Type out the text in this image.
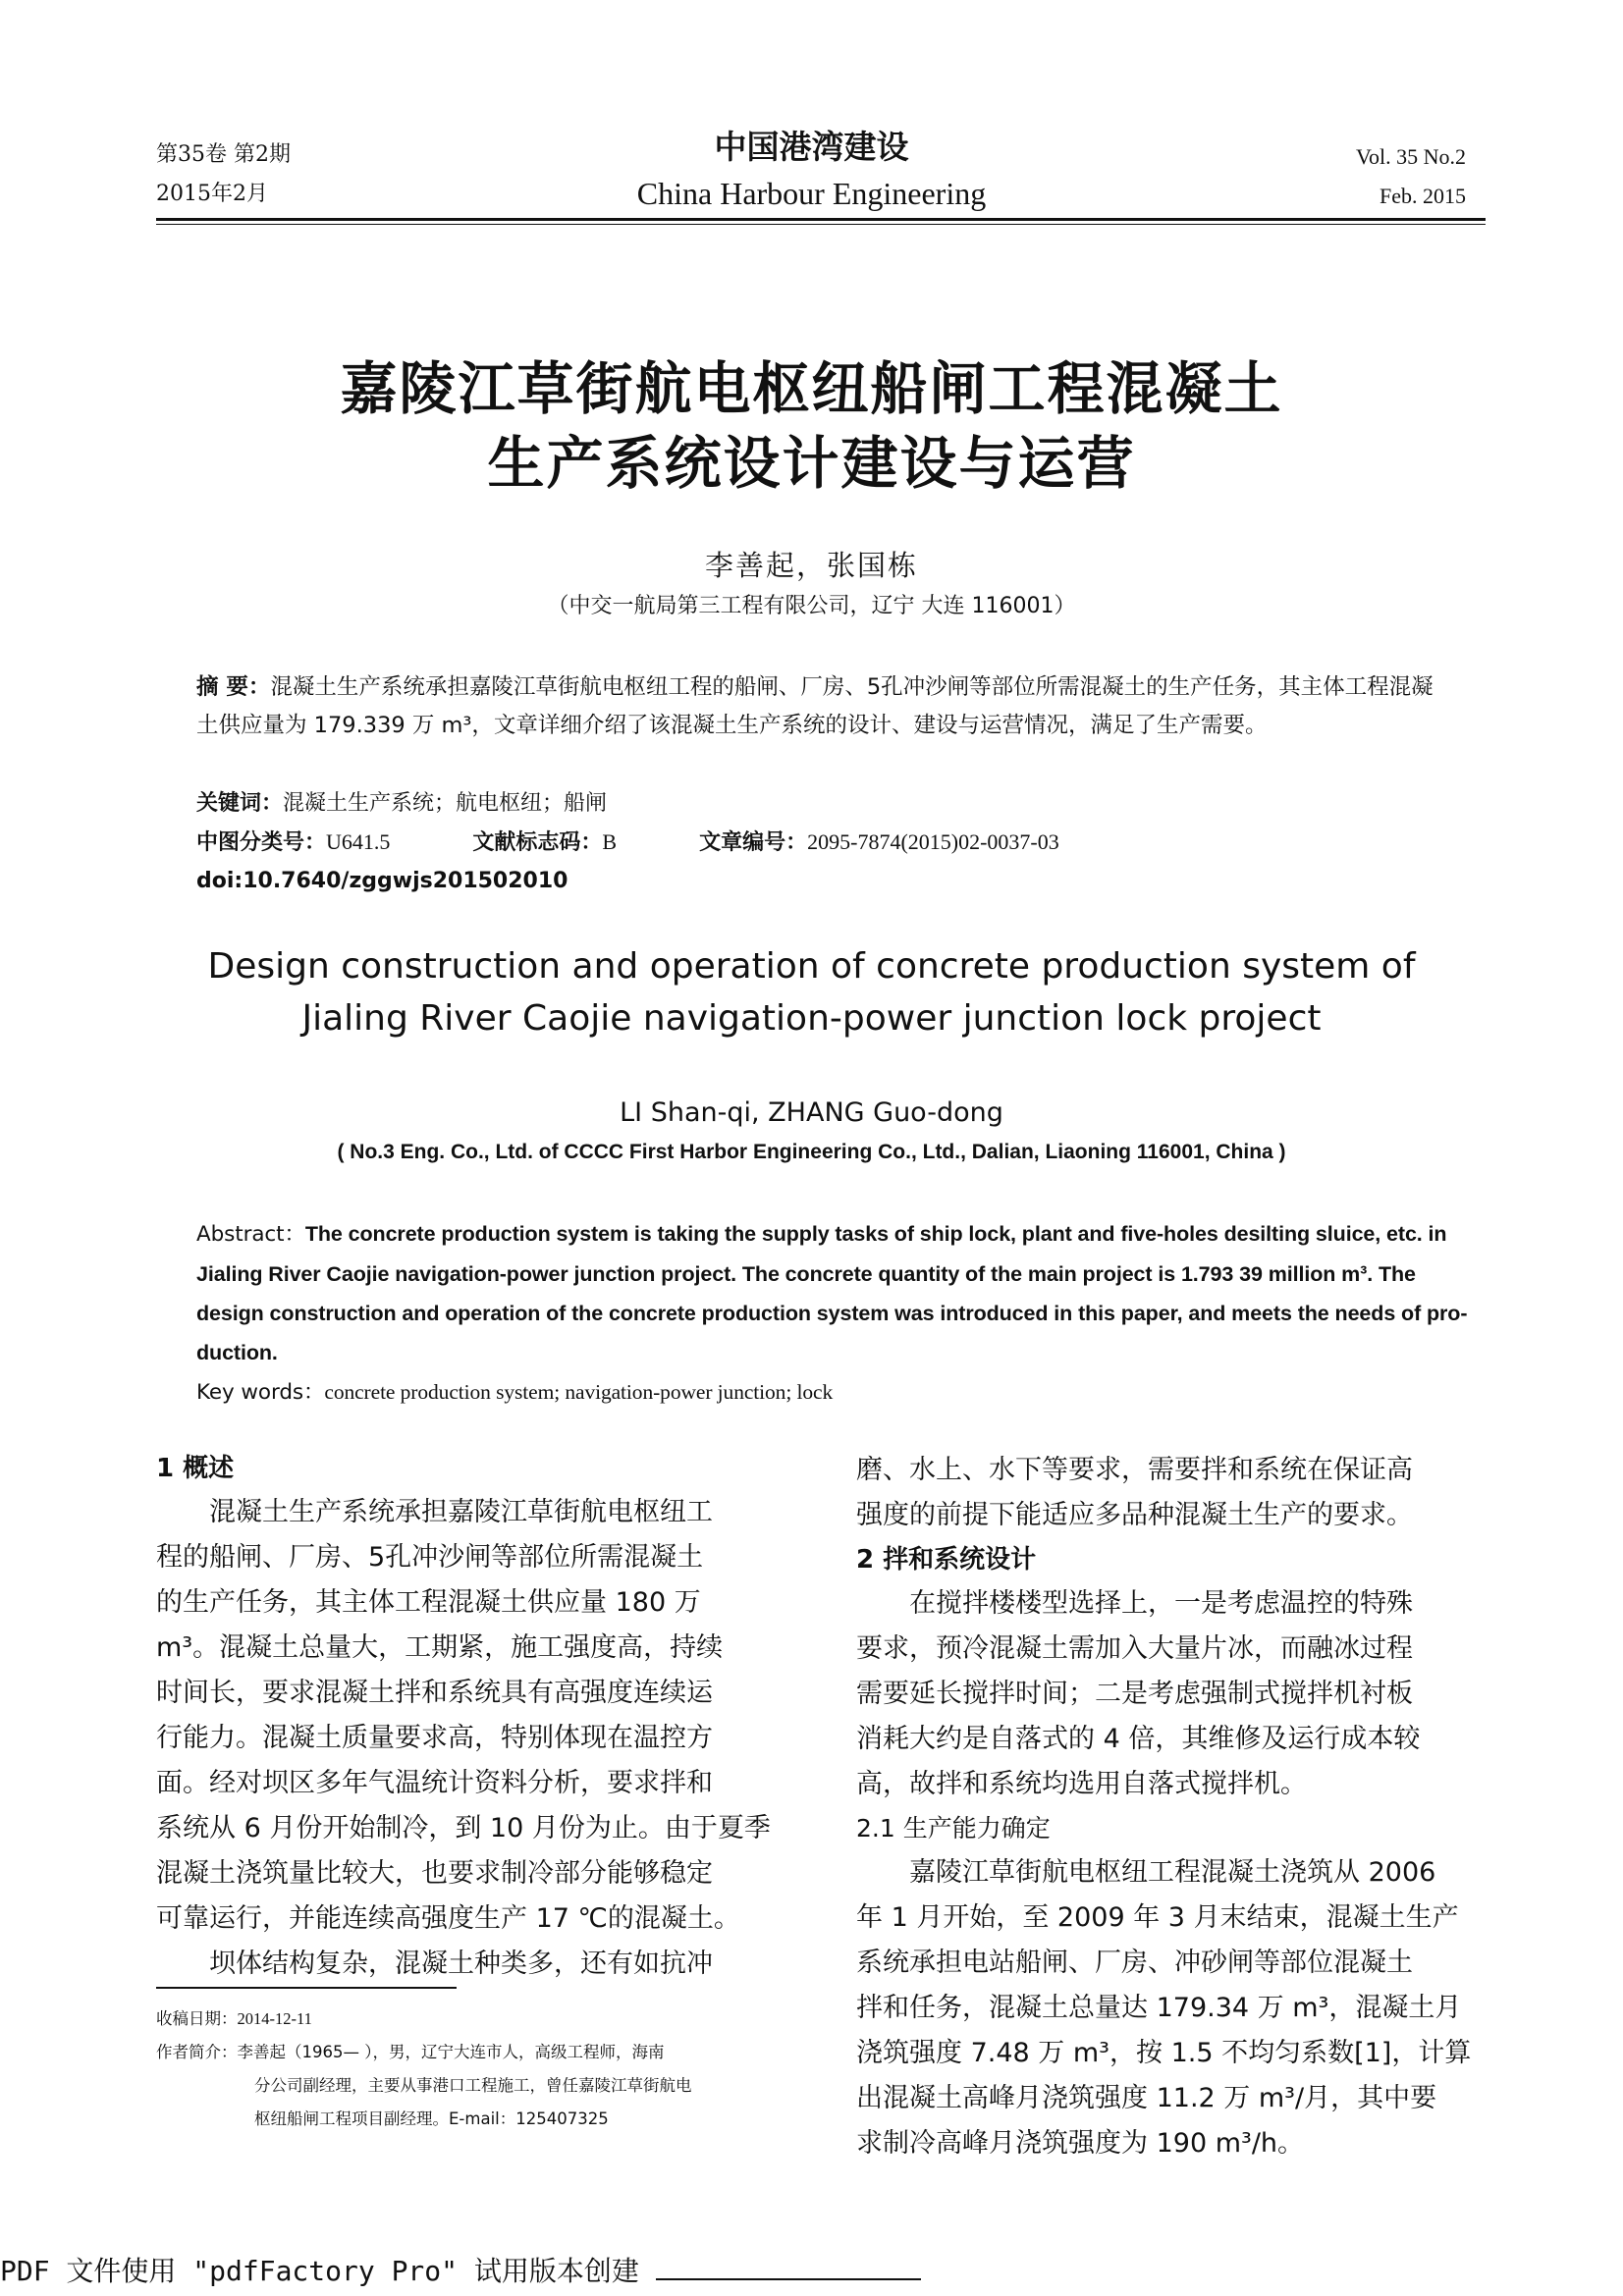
第35卷 第2期
2015年2月
中国港湾建设
China Harbour Engineering
Vol. 35 No.2
Feb. 2015
嘉陵江草街航电枢纽船闸工程混凝土
生产系统设计建设与运营
李善起，张国栋
（中交一航局第三工程有限公司，辽宁 大连 116001）
摘 要：混凝土生产系统承担嘉陵江草街航电枢纽工程的船闸、厂房、5孔冲沙闸等部位所需混凝土的生产任务，其主体工程混凝土供应量为 179.339 万 m³，文章详细介绍了该混凝土生产系统的设计、建设与运营情况，满足了生产需要。
关键词：混凝土生产系统；航电枢纽；船闸
中图分类号：U641.5	文献标志码：B	文章编号：2095-7874(2015)02-0037-03
doi:10.7640/zggwjs201502010
Design construction and operation of concrete production system of
Jialing River Caojie navigation-power junction lock project
LI Shan-qi, ZHANG Guo-dong
( No.3 Eng. Co., Ltd. of CCCC First Harbor Engineering Co., Ltd., Dalian, Liaoning 116001, China )
Abstract：The concrete production system is taking the supply tasks of ship lock, plant and five-holes desilting sluice, etc. in
Jialing River Caojie navigation-power junction project. The concrete quantity of the main project is 1.793 39 million m³. The
design construction and operation of the concrete production system was introduced in this paper, and meets the needs of pro-
duction.
Key words：concrete production system; navigation-power junction; lock

1 概述

混凝土生产系统承担嘉陵江草街航电枢纽工

程的船闸、厂房、5孔冲沙闸等部位所需混凝土

的生产任务，其主体工程混凝土供应量 180 万

m³。混凝土总量大，工期紧，施工强度高，持续

时间长，要求混凝土拌和系统具有高强度连续运

行能力。混凝土质量要求高，特别体现在温控方

面。经对坝区多年气温统计资料分析，要求拌和

系统从 6 月份开始制冷，到 10 月份为止。由于夏季

混凝土浇筑量比较大，也要求制冷部分能够稳定

可靠运行，并能连续高强度生产 17 ℃的混凝土。

坝体结构复杂，混凝土种类多，还有如抗冲

收稿日期：2014-12-11
作者简介：李善起（1965— ），男，辽宁大连市人，高级工程师，海南
分公司副经理，主要从事港口工程施工，曾任嘉陵江草街航电
枢纽船闸工程项目副经理。E-mail：125407325

磨、水上、水下等要求，需要拌和系统在保证高

强度的前提下能适应多品种混凝土生产的要求。

2 拌和系统设计

在搅拌楼楼型选择上，一是考虑温控的特殊

要求，预冷混凝土需加入大量片冰，而融冰过程

需要延长搅拌时间；二是考虑强制式搅拌机衬板

消耗大约是自落式的 4 倍，其维修及运行成本较

高，故拌和系统均选用自落式搅拌机。

2.1 生产能力确定

嘉陵江草街航电枢纽工程混凝土浇筑从 2006

年 1 月开始，至 2009 年 3 月末结束，混凝土生产

系统承担电站船闸、厂房、冲砂闸等部位混凝土

拌和任务，混凝土总量达 179.34 万 m³，混凝土月

浇筑强度 7.48 万 m³，按 1.5 不均匀系数[1]，计算

出混凝土高峰月浇筑强度 11.2 万 m³/月，其中要

求制冷高峰月浇筑强度为 190 m³/h。

PDF 文件使用 "pdfFactory Pro" 试用版本创建
